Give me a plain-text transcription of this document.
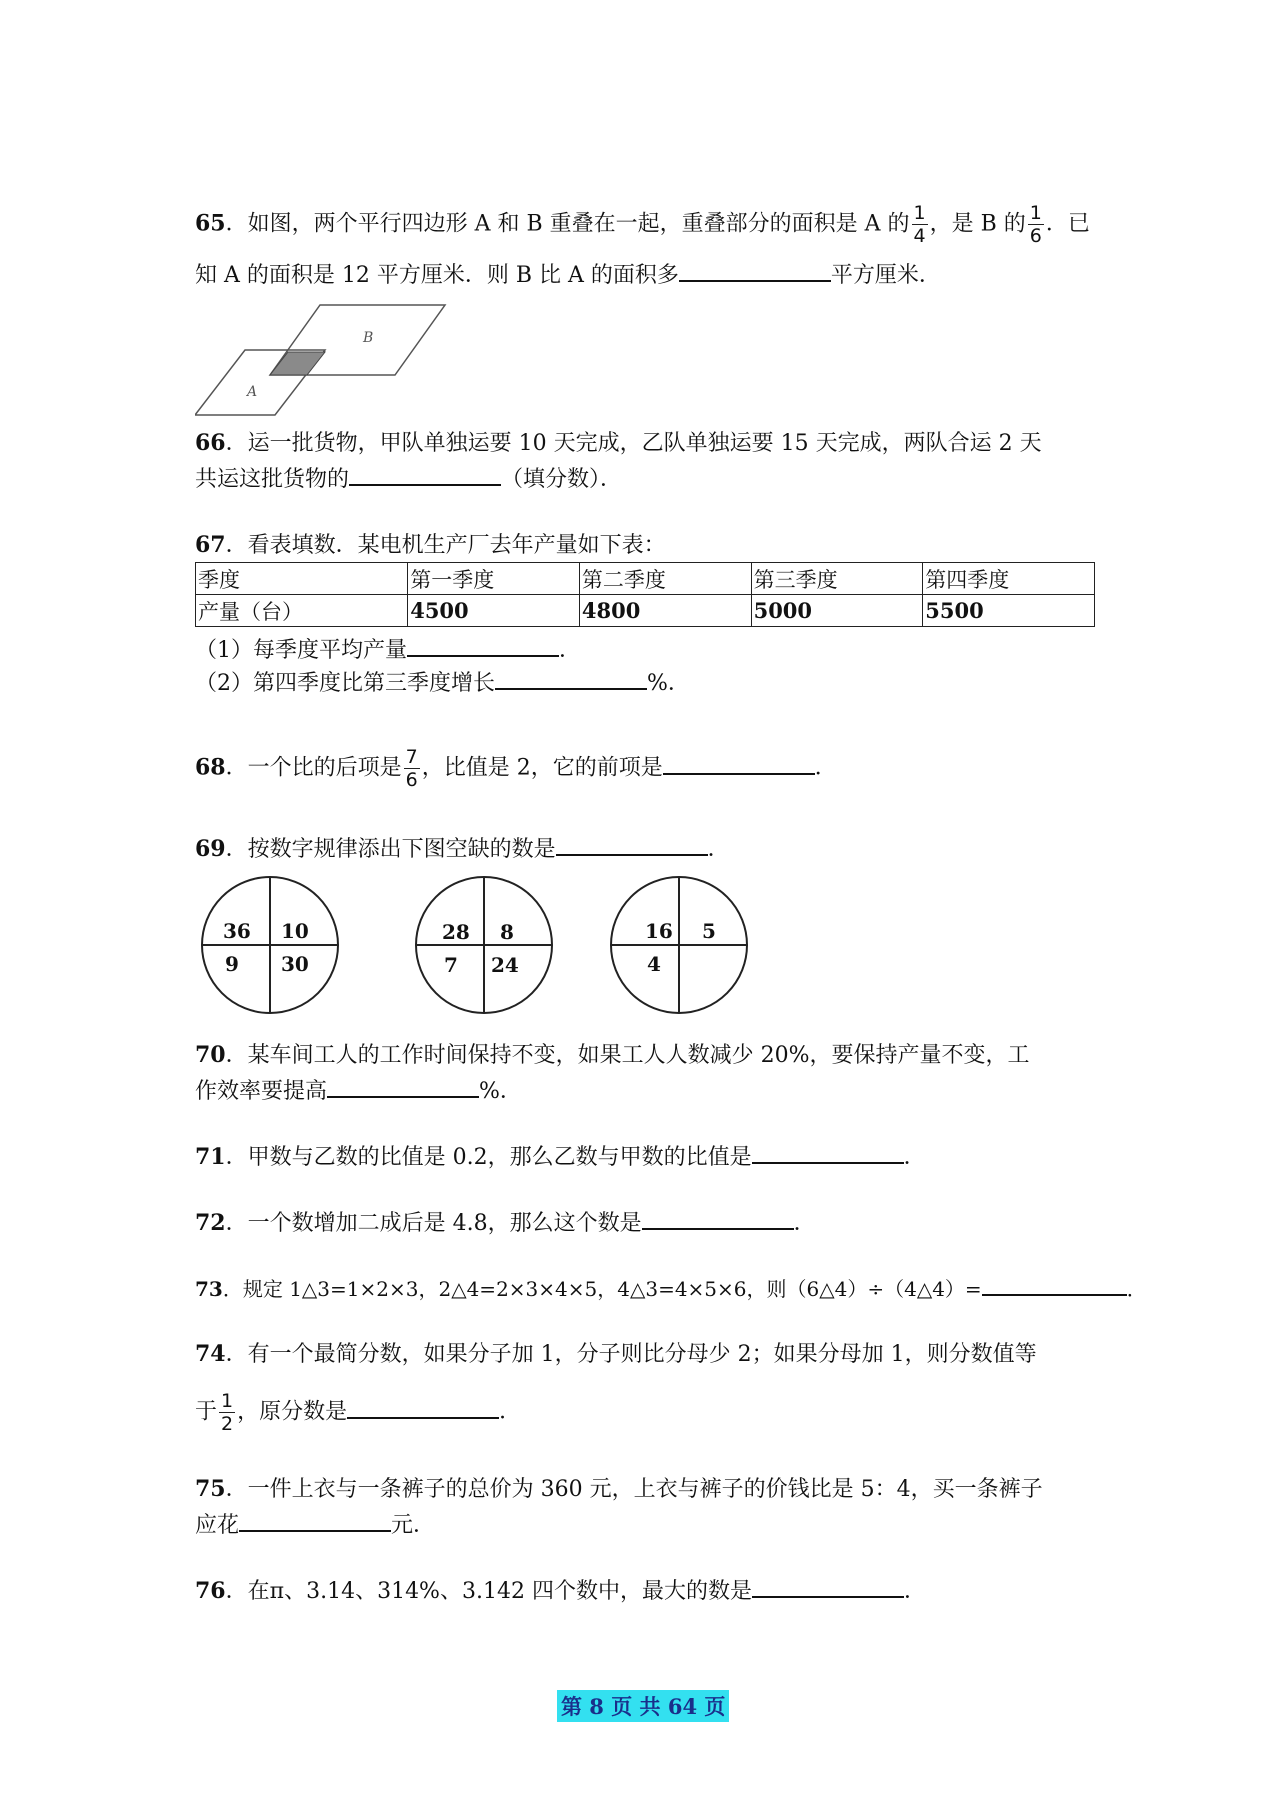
65．如图，两个平行四边形 A 和 B 重叠在一起，重叠部分的面积是 A 的 $\frac{1}{4}$ ，是 B 的 $\frac{1}{6}$ ．已
知 A 的面积是 12 平方厘米．则 B 比 A 的面积多	平方厘米．
A
B
66．运一批货物，甲队单独运要 10 天完成，乙队单独运要 15 天完成，两队合运 2 天
共运这批货物的	（填分数）．
67．看表填数．某电机生产厂去年产量如下表：
季度	第一季度	第二季度	第三季度	第四季度
产量（台）	4500	4800	5000	5500
（1）每季度平均产量	．
（2）第四季度比第三季度增长	%．
68．一个比的后项是 $\frac{7}{6}$ ，比值是 2，它的前项是	．
69．按数字规律添出下图空缺的数是	．
36 10
9 30
28 8
7 24
16 5
4
70．某车间工人的工作时间保持不变，如果工人人数减少 20%，要保持产量不变，工
作效率要提高	%．
71．甲数与乙数的比值是 0.2，那么乙数与甲数的比值是	．
72．一个数增加二成后是 4.8，那么这个数是	．
73．规定 1△3=1×2×3，2△4=2×3×4×5，4△3=4×5×6，则（6△4）÷（4△4）=	．
74．有一个最简分数，如果分子加 1，分子则比分母少 2；如果分母加 1，则分数值等
于 $\frac{1}{2}$ ，原分数是	．
75．一件上衣与一条裤子的总价为 360 元，上衣与裤子的价钱比是 5：4，买一条裤子
应花	元．
76．在π、3.14、314%、3.142 四个数中，最大的数是	．
第 8 页 共 64 页
